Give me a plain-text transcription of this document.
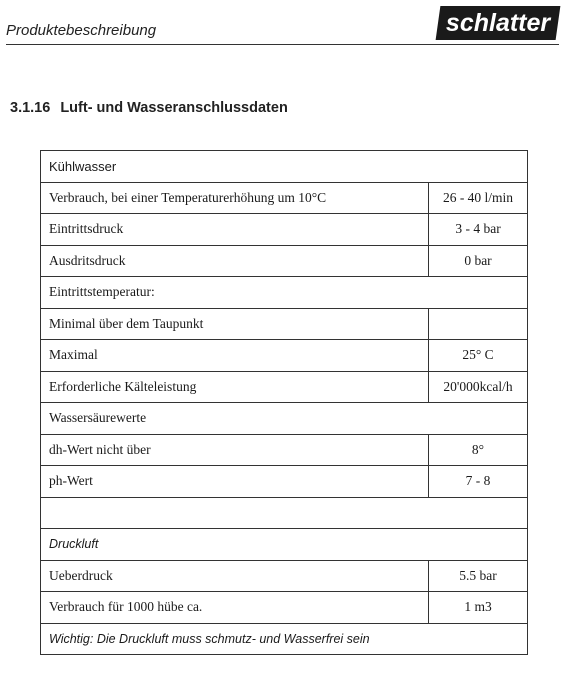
Produktebeschreibung	schlatter
3.1.16 Luft- und Wasseranschlussdaten
Kühlwasser	
Verbrauch, bei einer Temperaturerhöhung um 10°C	26 - 40 l/min
Eintrittsdruck	3 - 4 bar
Ausdritsdruck	0 bar
Eintrittstemperatur:	
Minimal über dem Taupunkt	
Maximal	25° C
Erforderliche Kälteleistung	20'000kcal/h
Wassersäurewerte	
dh-Wert nicht über	8°
ph-Wert	7 - 8

Druckluft	
Ueberdruck	5.5 bar
Verbrauch für 1000 hübe ca.	1 m3
Wichtig: Die Druckluft muss schmutz- und Wasserfrei sein	
